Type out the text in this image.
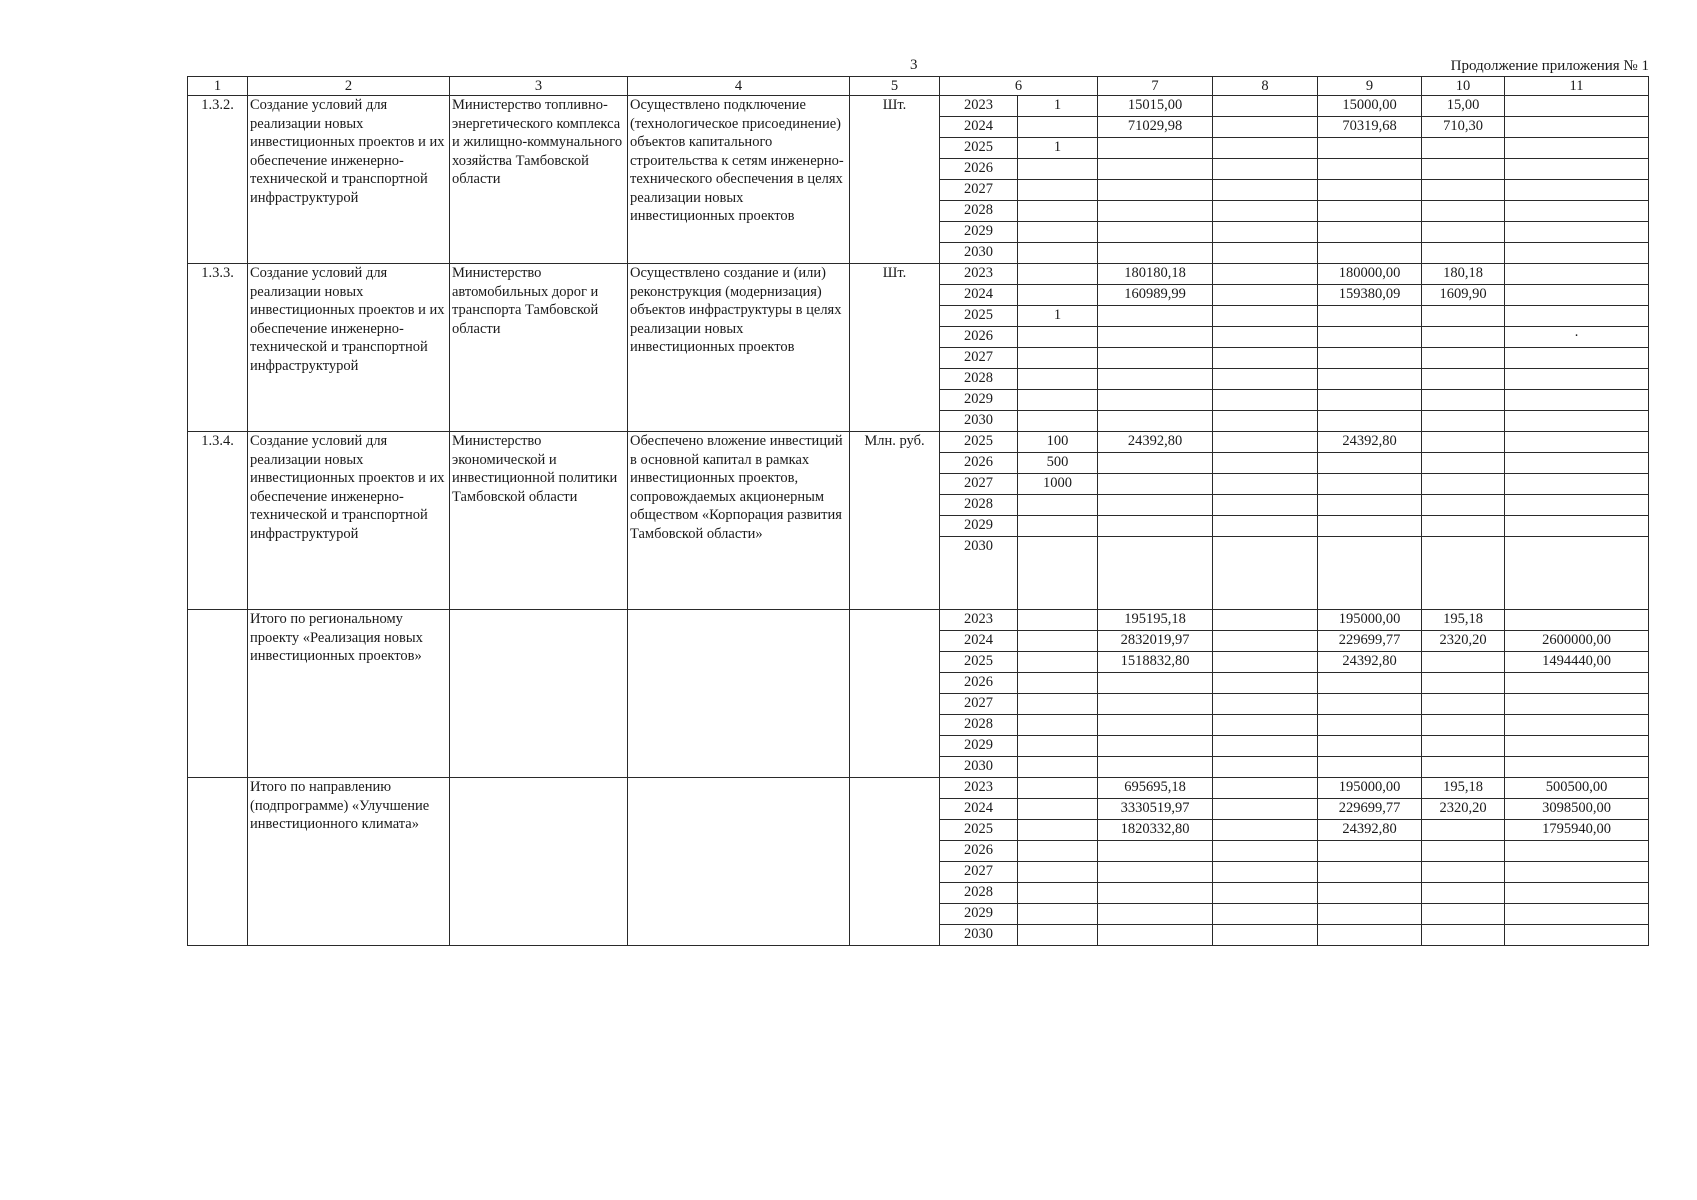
3	Продолжение приложения № 1
1	2	3	4	5	6		7	8	9	10	11
1.3.2.	Создание условий для реализации новых инвестиционных проектов и их обеспечение инженерно-технической и транспортной инфраструктурой	Министерство топливно-энергетического комплекса и жилищно-коммунального хозяйства Тамбовской области	Осуществлено подключение (технологическое присоединение) объектов капитального строительства к сетям инженерно-технического обеспечения в целях реализации новых инвестиционных проектов	Шт.	2023	1	15015,00		15000,00	15,00	
					2024		71029,98		70319,68	710,30	
					2025	1					
					2026						
					2027						
					2028						
					2029						
					2030						
1.3.3.	Создание условий для реализации новых инвестиционных проектов и их обеспечение инженерно-технической и транспортной инфраструктурой	Министерство автомобильных дорог и транспорта Тамбовской области	Осуществлено создание и (или) реконструкция (модернизация) объектов инфраструктуры в целях реализации новых инвестиционных проектов	Шт.	2023		180180,18		180000,00	180,18	
					2024		160989,99		159380,09	1609,90	
					2025	1					
					2026						·
					2027						
					2028						
					2029						
					2030						
1.3.4.	Создание условий для реализации новых инвестиционных проектов и их обеспечение инженерно-технической и транспортной инфраструктурой	Министерство экономической и инвестиционной политики Тамбовской области	Обеспечено вложение инвестиций в основной капитал в рамках инвестиционных проектов, сопровождаемых акционерным обществом «Корпорация развития Тамбовской области»	Млн. руб.	2025	100	24392,80		24392,80		
					2026	500					
					2027	1000					
					2028						
					2029						
					2030						
	Итого по региональному проекту «Реализация новых инвестиционных проектов»				2023		195195,18		195000,00	195,18	
					2024		2832019,97		229699,77	2320,20	2600000,00
					2025		1518832,80		24392,80		1494440,00
					2026						
					2027						
					2028						
					2029						
					2030						
	Итого по направлению (подпрограмме) «Улучшение инвестиционного климата»				2023		695695,18		195000,00	195,18	500500,00
					2024		3330519,97		229699,77	2320,20	3098500,00
					2025		1820332,80		24392,80		1795940,00
					2026						
					2027						
					2028						
					2029						
					2030						
